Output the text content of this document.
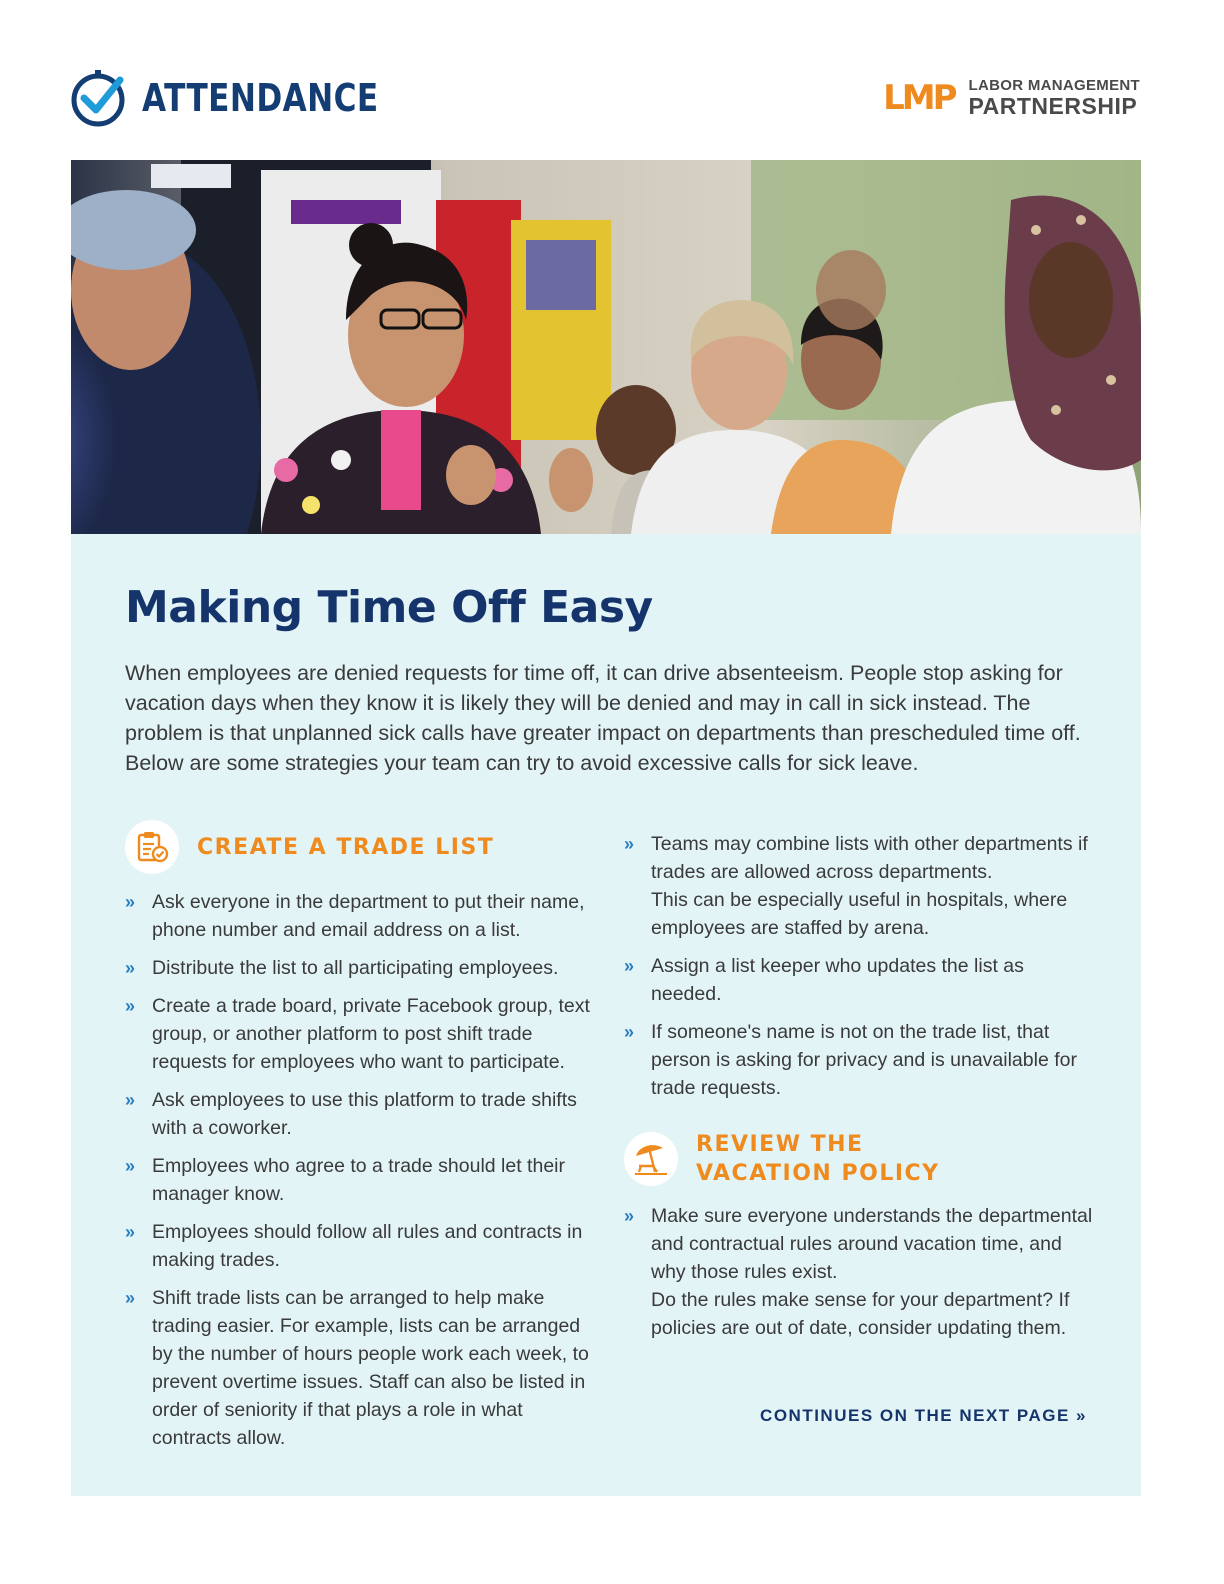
ATTENDANCE	LMP LABOR MANAGEMENT
PARTNERSHIP
Making Time Off Easy

When employees are denied requests for time off, it can drive absenteeism. People stop asking for vacation days when they know it is likely they will be denied and may in call in sick instead. The problem is that unplanned sick calls have greater impact on departments than prescheduled time off. Below are some strategies your team can try to avoid excessive calls for sick leave.

CREATE A TRADE LIST
» Ask everyone in the department to put their name, phone number and email address on a list.
» Distribute the list to all participating employees.
» Create a trade board, private Facebook group, text group, or another platform to post shift trade requests for employees who want to participate.
» Ask employees to use this platform to trade shifts with a coworker.
» Employees who agree to a trade should let their manager know.
» Employees should follow all rules and contracts in making trades.
» Shift trade lists can be arranged to help make trading easier. For example, lists can be arranged by the number of hours people work each week, to prevent overtime issues. Staff can also be listed in order of seniority if that plays a role in what contracts allow.
» Teams may combine lists with other departments if trades are allowed across departments.
This can be especially useful in hospitals, where employees are staffed by arena.
» Assign a list keeper who updates the list as needed.
» If someone's name is not on the trade list, that person is asking for privacy and is unavailable for trade requests.
REVIEW THE
VACATION POLICY
» Make sure everyone understands the departmental and contractual rules around vacation time, and why those rules exist.
Do the rules make sense for your department? If policies are out of date, consider updating them.
CONTINUES ON THE NEXT PAGE »
